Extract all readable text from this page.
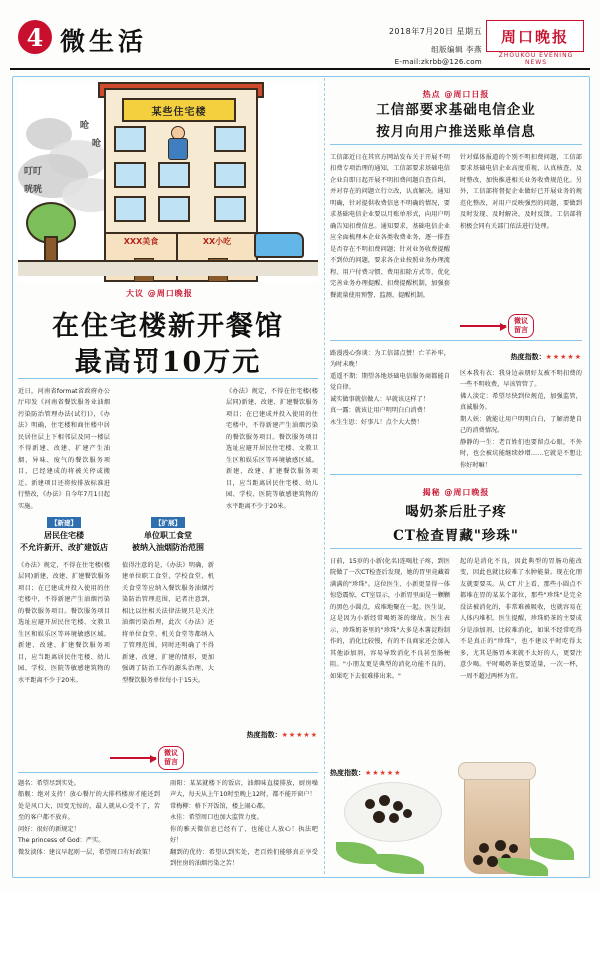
4 微生活	2018年7月20日 星期五
组版编辑 李燕
E-mail:zkrbb@126.com
周口晚报
ZHOUKOU EVENING NEWS
叮叮
咣咣
呛
呛
某些住宅楼
XXX美食	XX小吃
大议 @周口晚报
在住宅楼新开餐馆
最高罚10万元
近日，河南省format省政府办公厅印发《河南省餐饮服务业油烟污染防治管理办法(试行)》，《办法》明确，住宅楼和商住楼中居民居住层上下相邻层及同一楼层不得新建、改建、扩建产生油烟、异味、废气的餐饮服务项目，已经建成的将被关停或搬迁。新建项目还将按排放标准进行整改，《办法》自今年7月1日起实施。
【新建】
居民住宅楼
不允许新开、改扩建饭店
《办法》规定，不得在住宅楼(楼层同)新建、改建、扩建餐饮服务项目；在已建成并投入使用的住宅楼中，不得新建产生油烟污染的餐饮服务项目。餐饮服务项目选址应避开居民住宅楼、文教卫生区和娱乐区等环境敏感区域。新建、改建、扩建餐饮服务项目，应当距离居民住宅楼、幼儿园、学校、医院等敏感建筑物的水平距离不少于20米。
【扩展】
单位职工食堂
被纳入油烟防治范围
值得注意的是，《办法》明确，新建单位职工食堂、学校食堂、机关食堂等应纳入餐饮服务油烟污染防治管理范围，记者注意到，相比以往相关法律法规只是关注油烟污染治理，此次《办法》还将单位食堂、机关食堂等都纳入了管理范围，同时还明确了不得新建、改建、扩建的情形，更加强调了防治工作的源头治理，大型餐饮服务单位每小于15天。
《办法》规定，不得在住宅楼(楼层同)新建、改建、扩建餐饮服务项目；在已建成并投入使用的住宅楼中，不得新建产生油烟污染的餐饮服务项目。餐饮服务项目选址应避开居民住宅楼、文教卫生区和娱乐区等环境敏感区域。新建、改建、扩建餐饮服务项目，应当距离居民住宅楼、幼儿园、学校、医院等敏感建筑物的水平距离不少于20米。
热度指数：★★★★★
微议
留言
题名：希望尽到实处。
船舰：绝对支持！放心餐厅的大排档楼房才能还到处是风口大，因变无惊的，最人就从心受不了，苦至的客户都不放弃。
问好：很好的新规定！
The princess of God：严实。
微发淡体：建议早起则一层，希望周口有好政策！
雨阳：某某就楼下的饭店，油烟味直接排放，厨房噪声大，每天从上午10时至晚上12时，都不能开窗户！
常梅柳：格下开饭馆，楼上闹心都。
永佳：希望周口也加大监管力度。
你的雅天微信息已经有了，也能让人放心！执法吧好！
翻到的优待：希望认到实处，老百姓们能够真正享受到住房的油烟污染之苦！
热点 @周口日报
工信部要求基础电信企业
按月向用户推送账单信息
工信部近日在其官方网站发布关于开展不明扣费专项治理的通知，工信部要求基础电信企业自即日起开展不明扣费问题自查自纠，并对存在的问题立行立改，认真解决。通知明确，针对提供收费信息不明确的情况，要求基础电信企业要以月账单形式，向用户明确告知扣费信息。通知要求，基础电信企业应全面梳理本企业各类收费业务，逐一排查是否存在不明扣费问题；针对业务收费提醒不到位的问题，要求各企业按照业务办理流程、用户付费习惯、费用扣除方式等，优化完善业务办理提醒、扣费提醒机制，加强套餐流量使用预警、监测、提醒机制。
针对媒体报道的个别不明扣费问题，工信部要求基础电信企业高度重视、认真核查、及时整改，加快推进相关业务收费规范化。另外，工信部将督促企业做好已开展业务的规范化整改，对用户反映强烈的问题，要做到及时发现、及时解决、及时反馈。工信部将积极会同有关部门依法进行处理。
热度指数：★★★★★
微议
留言
路漫漫心弥谈：为工信部点赞！亡羊补牢，为时未晚！
遥遥不期：期望各地基础电信服务商都能自觉自律。
诚实做事就信做人：早就该这样了！
真一露：就该让用户明明白白消费！
永生生思：好事儿！点个大大赞！
区本我有衣：我身边亲朋好友被不明扣费的一些不明收费，早该管管了。
佛人淡定：希望尽快到位规范，加强监管，真诚服务。
期人妖：就能让用户明明白白，了解清楚自己的消费情况。
静静的一生：老百姓们也要留点心眼，不外时，也会被坑能继续妙增……它就是不想让你好时嘛！
揭秘 @周口晚报
喝奶茶后肚子疼
CT检查胃藏"珍珠"
日前，15岁的小新(化名)连喝肚子疼，到医院做了一次CT检查后发现，她的胃里竟藏着满满的"珍珠"。这位医生、小新更显得一体惊恐震惊，CT室显示，小新胃里面是一颗颗的黑色小圆点，成堆地聚在一起。医生说，这是因为小新经常喝奶茶的缘故。医生表示，珍珠奶茶里的"珍珠"大多是木薯淀粉制作的，消化比较慢，有的不良商家还会加入其他添加剂，容易导致消化不良甚至肠梗阻。"小朋友更是典型的消化功能不良的，如果吃下去很难排出来。"
起的是消化不良，因此典型的胃肠功能改变，因此也就比较难了水肿能量。现在化朋友就要要买。从 CT 片上看，那些小圆点不都堆在胃的某某个部位，那些"珍珠"是完全没法被消化的，非常难被吸收，也就容易在人体内堆积。医生提醒，珍珠奶茶的主要成分是添加剂、比较难消化，如果不经常吃得不是真正的"珍珠"，也不建议平时吃得太多，尤其是肠胃本来就不太好的人，更要注意少喝。平时喝奶茶也要适量，一次一杯，一周不超过两杯为宜。
热度指数：★★★★★
